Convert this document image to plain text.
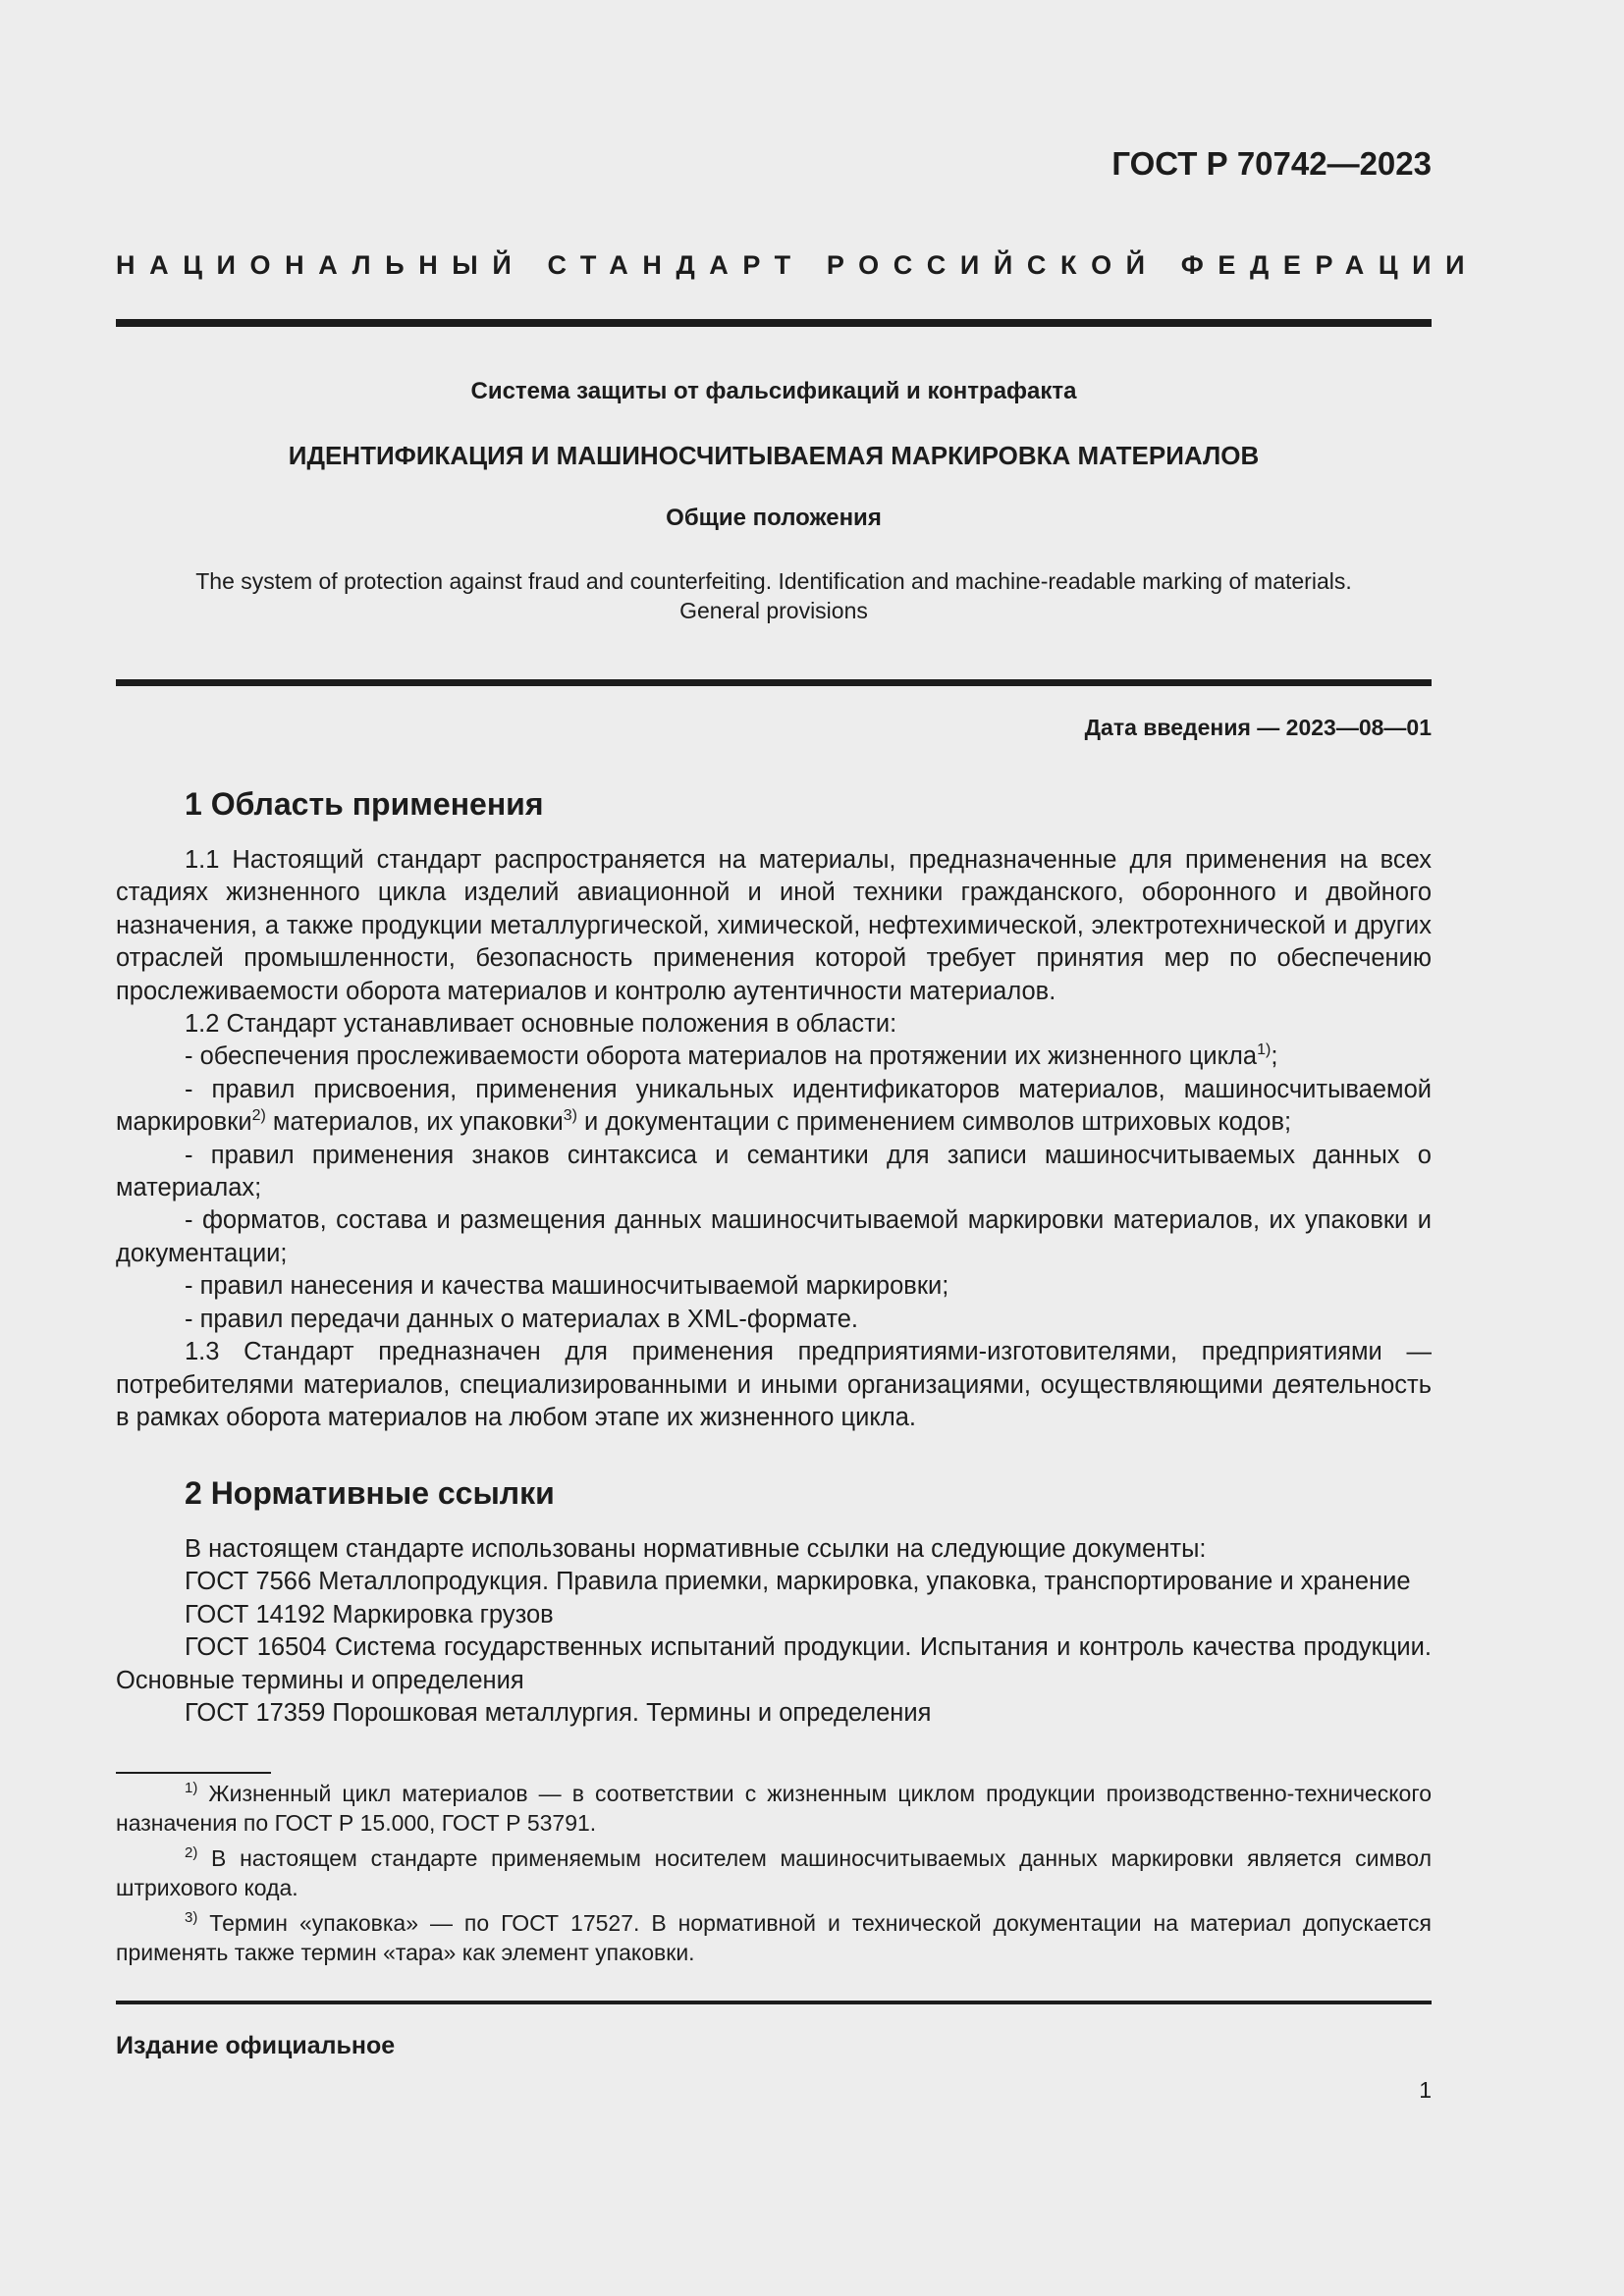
ГОСТ Р 70742—2023

НАЦИОНАЛЬНЫЙ СТАНДАРТ РОССИЙСКОЙ ФЕДЕРАЦИИ

Система защиты от фальсификаций и контрафакта

ИДЕНТИФИКАЦИЯ И МАШИНОСЧИТЫВАЕМАЯ МАРКИРОВКА МАТЕРИАЛОВ

Общие положения

The system of protection against fraud and counterfeiting. Identification and machine-readable marking of materials.
General provisions

Дата введения — 2023—08—01

1 Область применения

1.1 Настоящий стандарт распространяется на материалы, предназначенные для применения на всех стадиях жизненного цикла изделий авиационной и иной техники гражданского, оборонного и двойного назначения, а также продукции металлургической, химической, нефтехимической, электротехнической и других отраслей промышленности, безопасность применения которой требует принятия мер по обеспечению прослеживаемости оборота материалов и контролю аутентичности материалов.

1.2 Стандарт устанавливает основные положения в области:

- обеспечения прослеживаемости оборота материалов на протяжении их жизненного цикла$^{1)}$;

- правил присвоения, применения уникальных идентификаторов материалов, машиносчитываемой маркировки$^{2)}$ материалов, их упаковки$^{3)}$ и документации с применением символов штриховых кодов;

- правил применения знаков синтаксиса и семантики для записи машиносчитываемых данных о материалах;

- форматов, состава и размещения данных машиносчитываемой маркировки материалов, их упаковки и документации;

- правил нанесения и качества машиносчитываемой маркировки;

- правил передачи данных о материалах в XML-формате.

1.3 Стандарт предназначен для применения предприятиями-изготовителями, предприятиями — потребителями материалов, специализированными и иными организациями, осуществляющими деятельность в рамках оборота материалов на любом этапе их жизненного цикла.

2 Нормативные ссылки

В настоящем стандарте использованы нормативные ссылки на следующие документы:

ГОСТ 7566 Металлопродукция. Правила приемки, маркировка, упаковка, транспортирование и хранение

ГОСТ 14192 Маркировка грузов

ГОСТ 16504 Система государственных испытаний продукции. Испытания и контроль качества продукции. Основные термины и определения

ГОСТ 17359 Порошковая металлургия. Термины и определения

$^{1)}$ Жизненный цикл материалов — в соответствии с жизненным циклом продукции производственно-технического назначения по ГОСТ Р 15.000, ГОСТ Р 53791.

$^{2)}$ В настоящем стандарте применяемым носителем машиносчитываемых данных маркировки является символ штрихового кода.

$^{3)}$ Термин «упаковка» — по ГОСТ 17527. В нормативной и технической документации на материал допускается применять также термин «тара» как элемент упаковки.

Издание официальное

1
